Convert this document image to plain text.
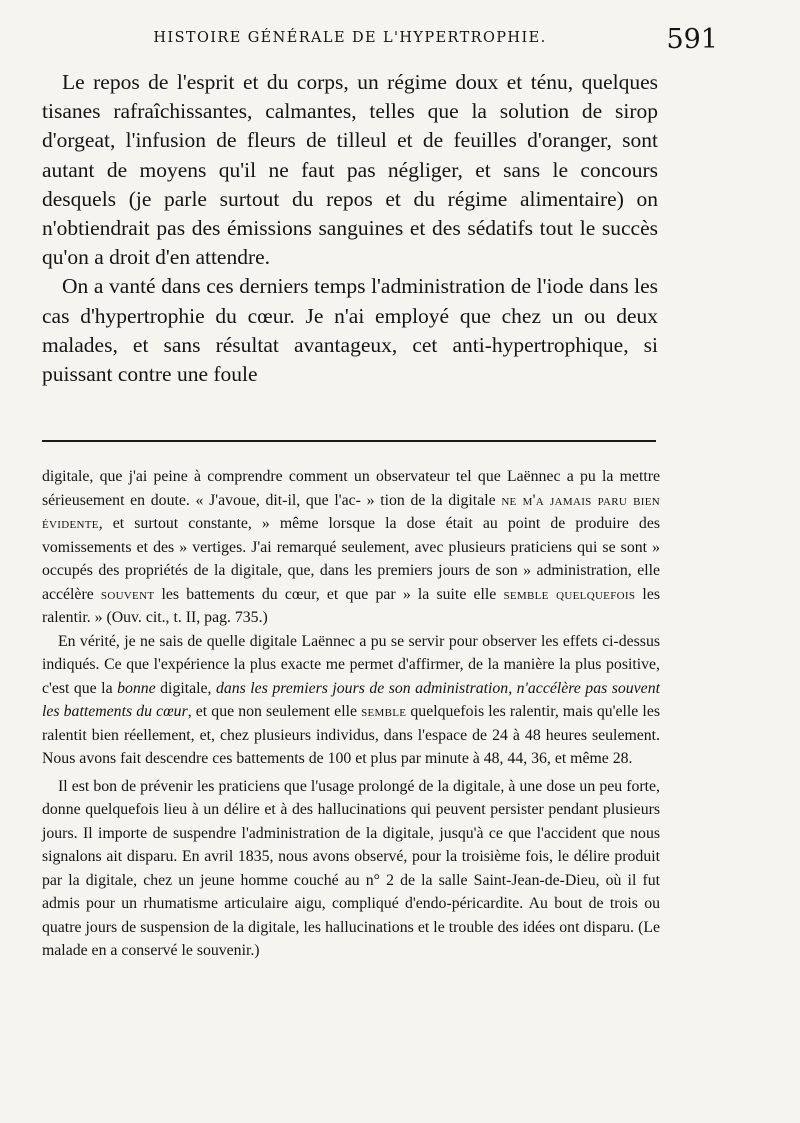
HISTOIRE GÉNÉRALE DE L'HYPERTROPHIE.	591

Le repos de l'esprit et du corps, un régime doux et ténu, quelques tisanes rafraîchissantes, calmantes, telles que la solution de sirop d'orgeat, l'infusion de fleurs de tilleul et de feuilles d'oranger, sont autant de moyens qu'il ne faut pas négliger, et sans le concours desquels (je parle surtout du repos et du régime alimentaire) on n'obtiendrait pas des émissions sanguines et des sédatifs tout le succès qu'on a droit d'en attendre.

On a vanté dans ces derniers temps l'administration de l'iode dans les cas d'hypertrophie du cœur. Je n'ai employé que chez un ou deux malades, et sans résultat avantageux, cet anti-hypertrophique, si puissant contre une foule

digitale, que j'ai peine à comprendre comment un observateur tel que Laënnec a pu la mettre sérieusement en doute. « J'avoue, dit-il, que l'ac- » tion de la digitale ne m'a jamais paru bien évidente, et surtout constante, » même lorsque la dose était au point de produire des vomissements et des » vertiges. J'ai remarqué seulement, avec plusieurs praticiens qui se sont » occupés des propriétés de la digitale, que, dans les premiers jours de son » administration, elle accélère souvent les battements du cœur, et que par » la suite elle semble quelquefois les ralentir. » (Ouv. cit., t. II, pag. 735.)

En vérité, je ne sais de quelle digitale Laënnec a pu se servir pour observer les effets ci-dessus indiqués. Ce que l'expérience la plus exacte me permet d'affirmer, de la manière la plus positive, c'est que la bonne digitale, dans les premiers jours de son administration, n'accélère pas souvent les battements du cœur, et que non seulement elle semble quelquefois les ralentir, mais qu'elle les ralentit bien réellement, et, chez plusieurs individus, dans l'espace de 24 à 48 heures seulement. Nous avons fait descendre ces battements de 100 et plus par minute à 48, 44, 36, et même 28.

Il est bon de prévenir les praticiens que l'usage prolongé de la digitale, à une dose un peu forte, donne quelquefois lieu à un délire et à des hallucinations qui peuvent persister pendant plusieurs jours. Il importe de suspendre l'administration de la digitale, jusqu'à ce que l'accident que nous signalons ait disparu. En avril 1835, nous avons observé, pour la troisième fois, le délire produit par la digitale, chez un jeune homme couché au n° 2 de la salle Saint-Jean-de-Dieu, où il fut admis pour un rhumatisme articulaire aigu, compliqué d'endo-péricardite. Au bout de trois ou quatre jours de suspension de la digitale, les hallucinations et le trouble des idées ont disparu. (Le malade en a conservé le souvenir.)
